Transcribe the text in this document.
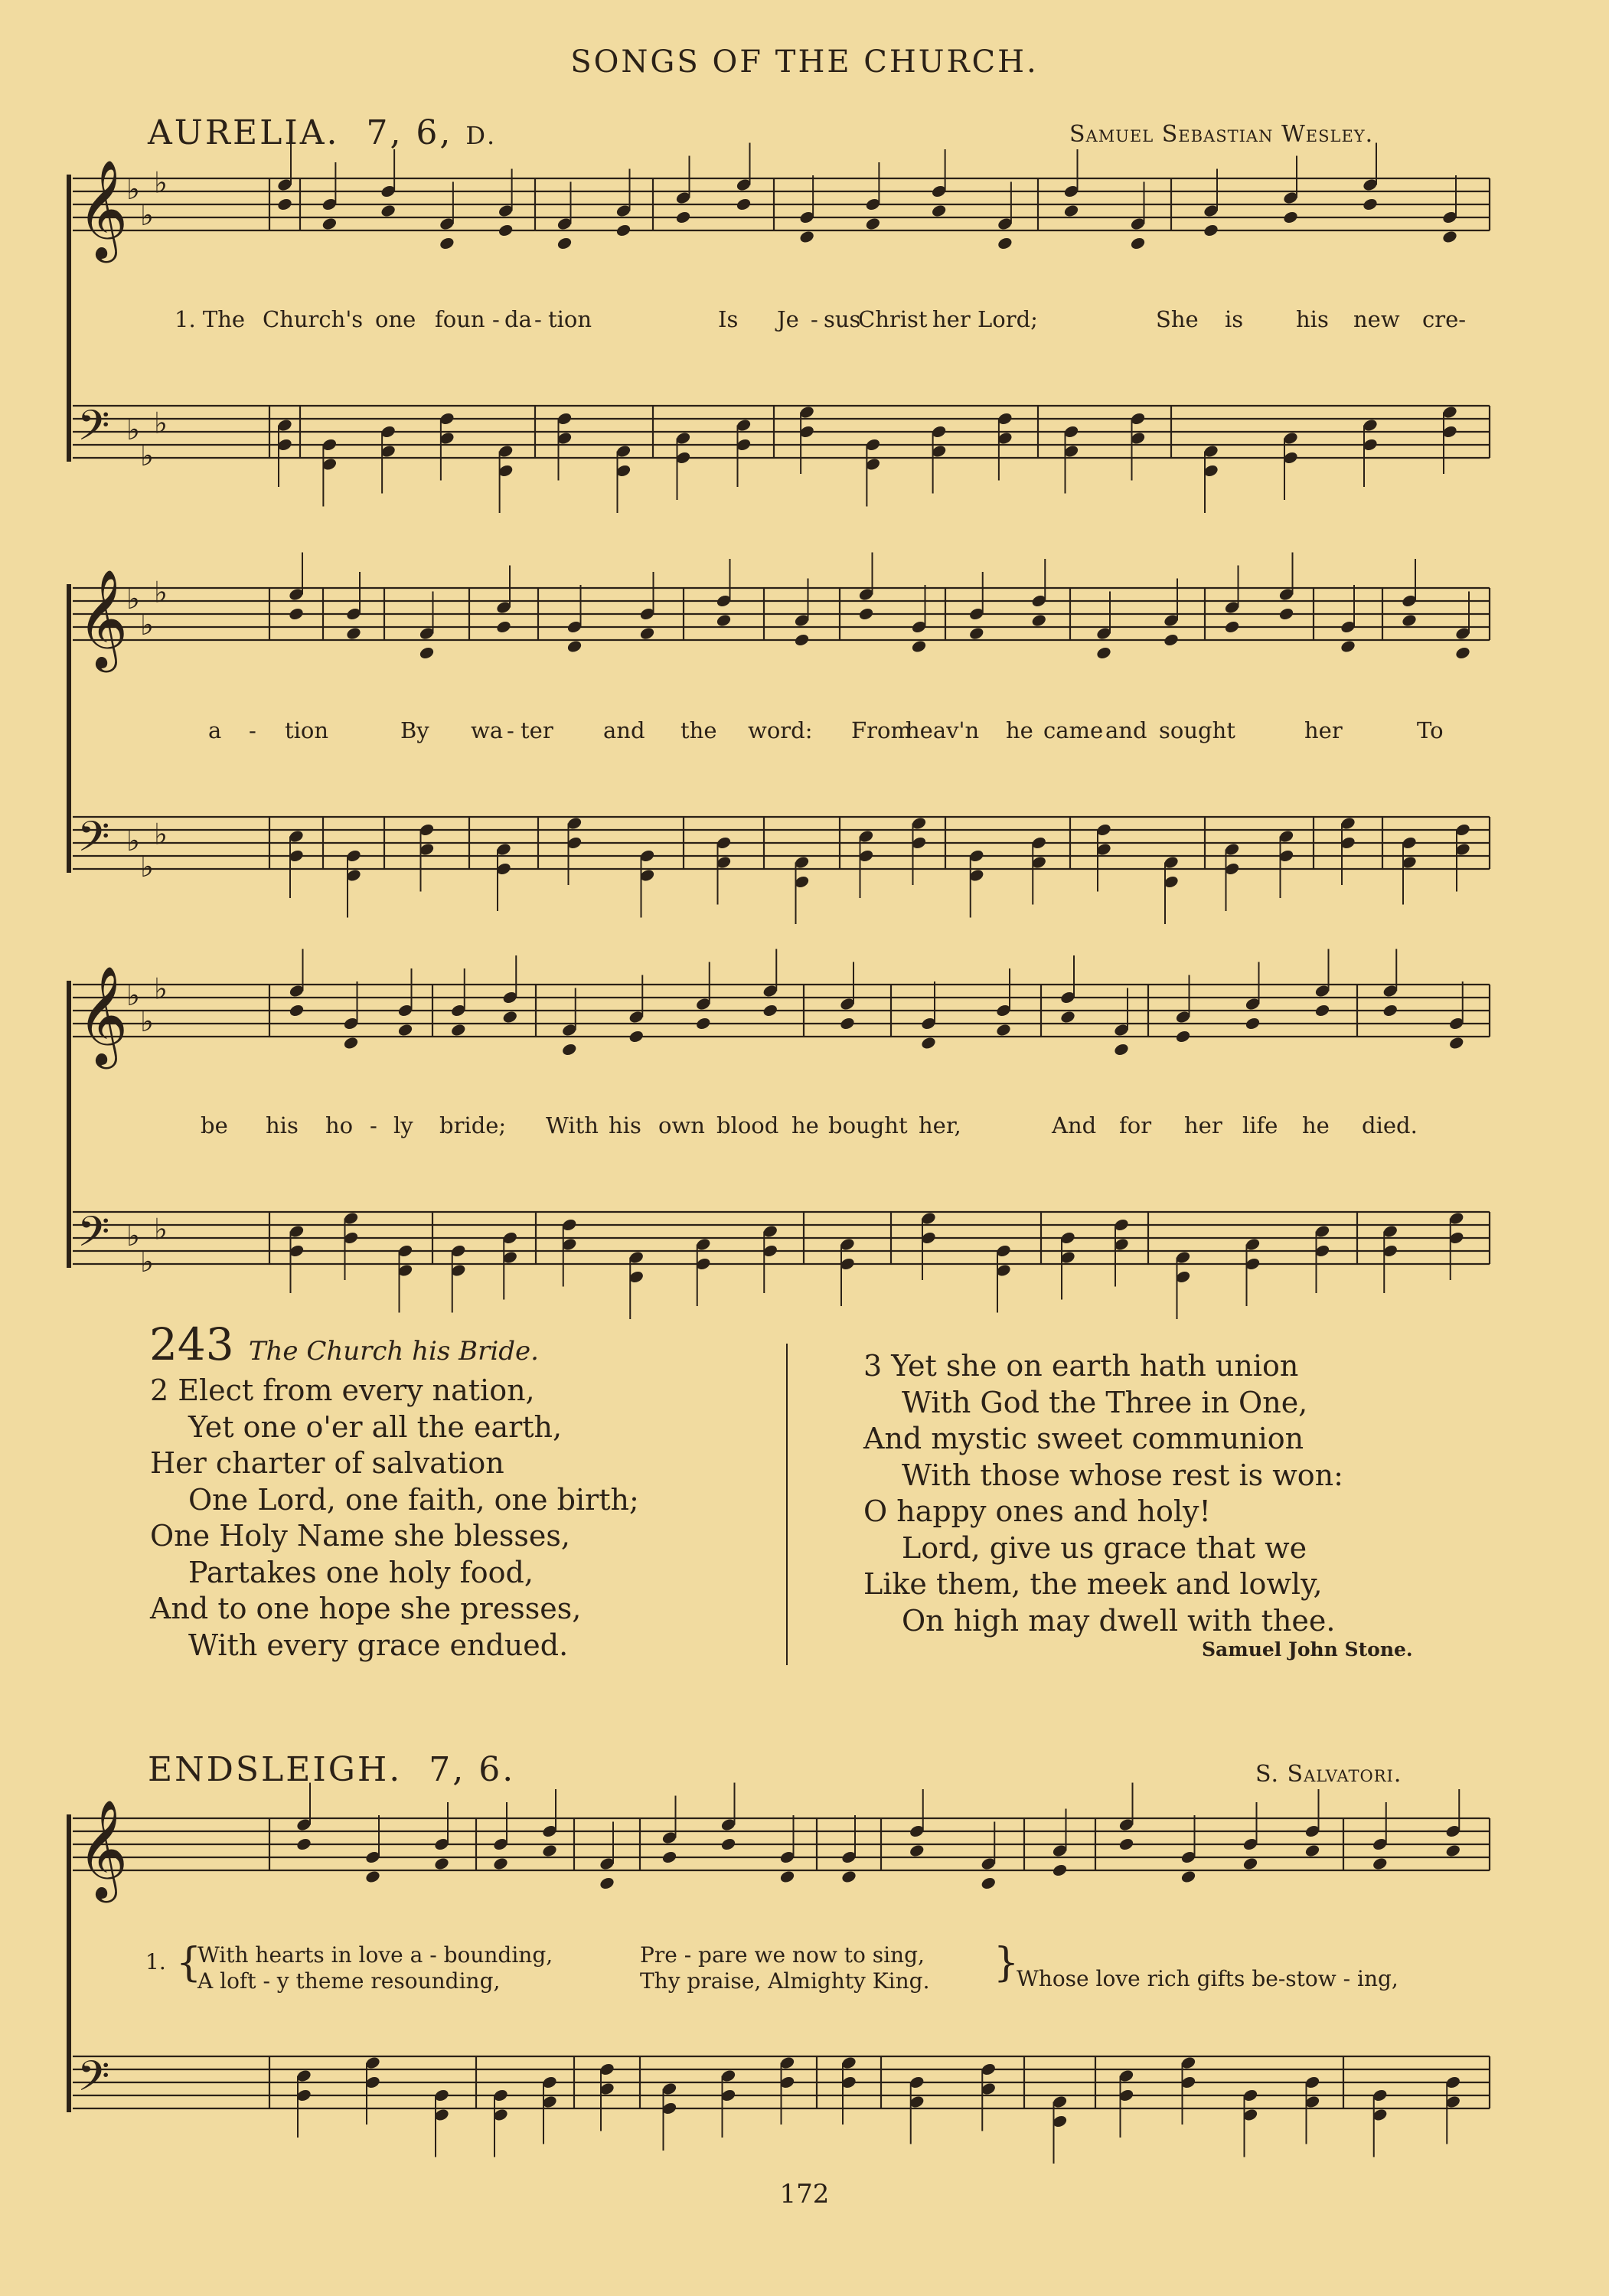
SONGS OF THE CHURCH.
AURELIA. 7, 6, D.	Samuel Sebastian Wesley.
𝄞
♭
♭
♭
𝄢 ♭
♭
♭
1. The Church's one foun - da - tion	Is Je - sus
Christ her Lord;	She is his new cre-
𝄞
♭
♭
♭
𝄢 ♭
♭
♭
a - tion	By wa - ter and the word: From
heav'n he came and sought	her	To
𝄞
♭
♭
♭
𝄢 ♭
♭
♭
be his ho - ly bride; With his own blood he bought her,	And for her life he died.
243 The Church his Bride.
2 Elect from every nation,
Yet one o'er all the earth,
Her charter of salvation
One Lord, one faith, one birth;
One Holy Name she blesses,
Partakes one holy food,
And to one hope she presses,
With every grace endued.
3 Yet she on earth hath union
With God the Three in One,
And mystic sweet communion
With those whose rest is won:
O happy ones and holy!
Lord, give us grace that we
Like them, the meek and lowly,
On high may dwell with thee.
Samuel John Stone.
ENDSLEIGH. 7, 6.	S. Salvatori.
𝄞
𝄢
1. {
With hearts in love a - bounding,
A loft - y theme resounding,
Pre - pare we now to sing,
Thy praise, Almighty King. }
Whose love rich gifts be-stow - ing,
172
